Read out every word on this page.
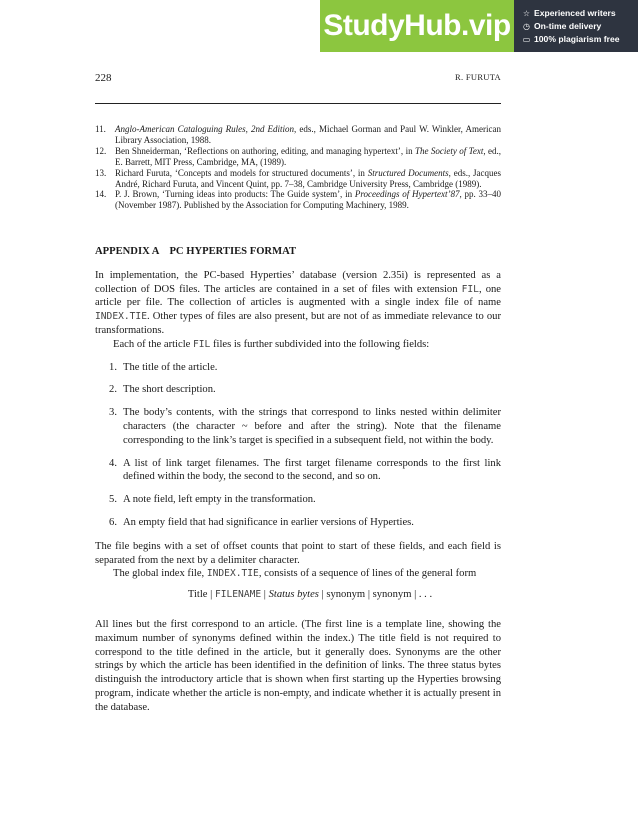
StudyHub.vip	☆ Experienced writers
◷ On-time delivery
▭ 100% plagiarism free
228	R. FURUTA
11.	Anglo-American Cataloguing Rules, 2nd Edition, eds., Michael Gorman and Paul W. Winkler, American Library Association, 1988.
12. Ben Shneiderman, ‘Reflections on authoring, editing, and managing hypertext’, in The Society of Text, ed., E. Barrett, MIT Press, Cambridge, MA, (1989).
13. Richard Furuta, ‘Concepts and models for structured documents’, in Structured Documents, eds., Jacques André, Richard Furuta, and Vincent Quint, pp. 7–38, Cambridge University Press, Cambridge (1989).
14. P. J. Brown, ‘Turning ideas into products: The Guide system’, in Proceedings of Hypertext’87, pp. 33–40 (November 1987). Published by the Association for Computing Machinery, 1989.
APPENDIX A    PC HYPERTIES FORMAT

In implementation, the PC-based Hyperties’ database (version 2.35i) is represented as a collection of DOS files. The articles are contained in a set of files with extension FIL, one article per file. The collection of articles is augmented with a single index file of name INDEX.TIE. Other types of files are also present, but are not of as immediate relevance to our transformations.

Each of the article FIL files is further subdivided into the following fields:

1. The title of the article.
2. The short description.
3. The body’s contents, with the strings that correspond to links nested within delimiter characters (the character ~ before and after the string). Note that the filename corresponding to the link’s target is specified in a subsequent field, not within the body.
4. A list of link target filenames. The first target filename corresponds to the first link defined within the body, the second to the second, and so on.
5. A note field, left empty in the transformation.
6. An empty field that had significance in earlier versions of Hyperties.

The file begins with a set of offset counts that point to start of these fields, and each field is separated from the next by a delimiter character.

The global index file, INDEX.TIE, consists of a sequence of lines of the general form

Title | FILENAME | Status bytes | synonym | synonym | . . .

All lines but the first correspond to an article. (The first line is a template line, showing the maximum number of synonyms defined within the index.) The title field is not required to correspond to the title defined in the article, but it generally does. Synonyms are the other strings by which the article has been identified in the definition of links. The three status bytes distinguish the introductory article that is shown when first starting up the Hyperties browsing program, indicate whether the article is non-empty, and indicate whether it is actually present in the database.
